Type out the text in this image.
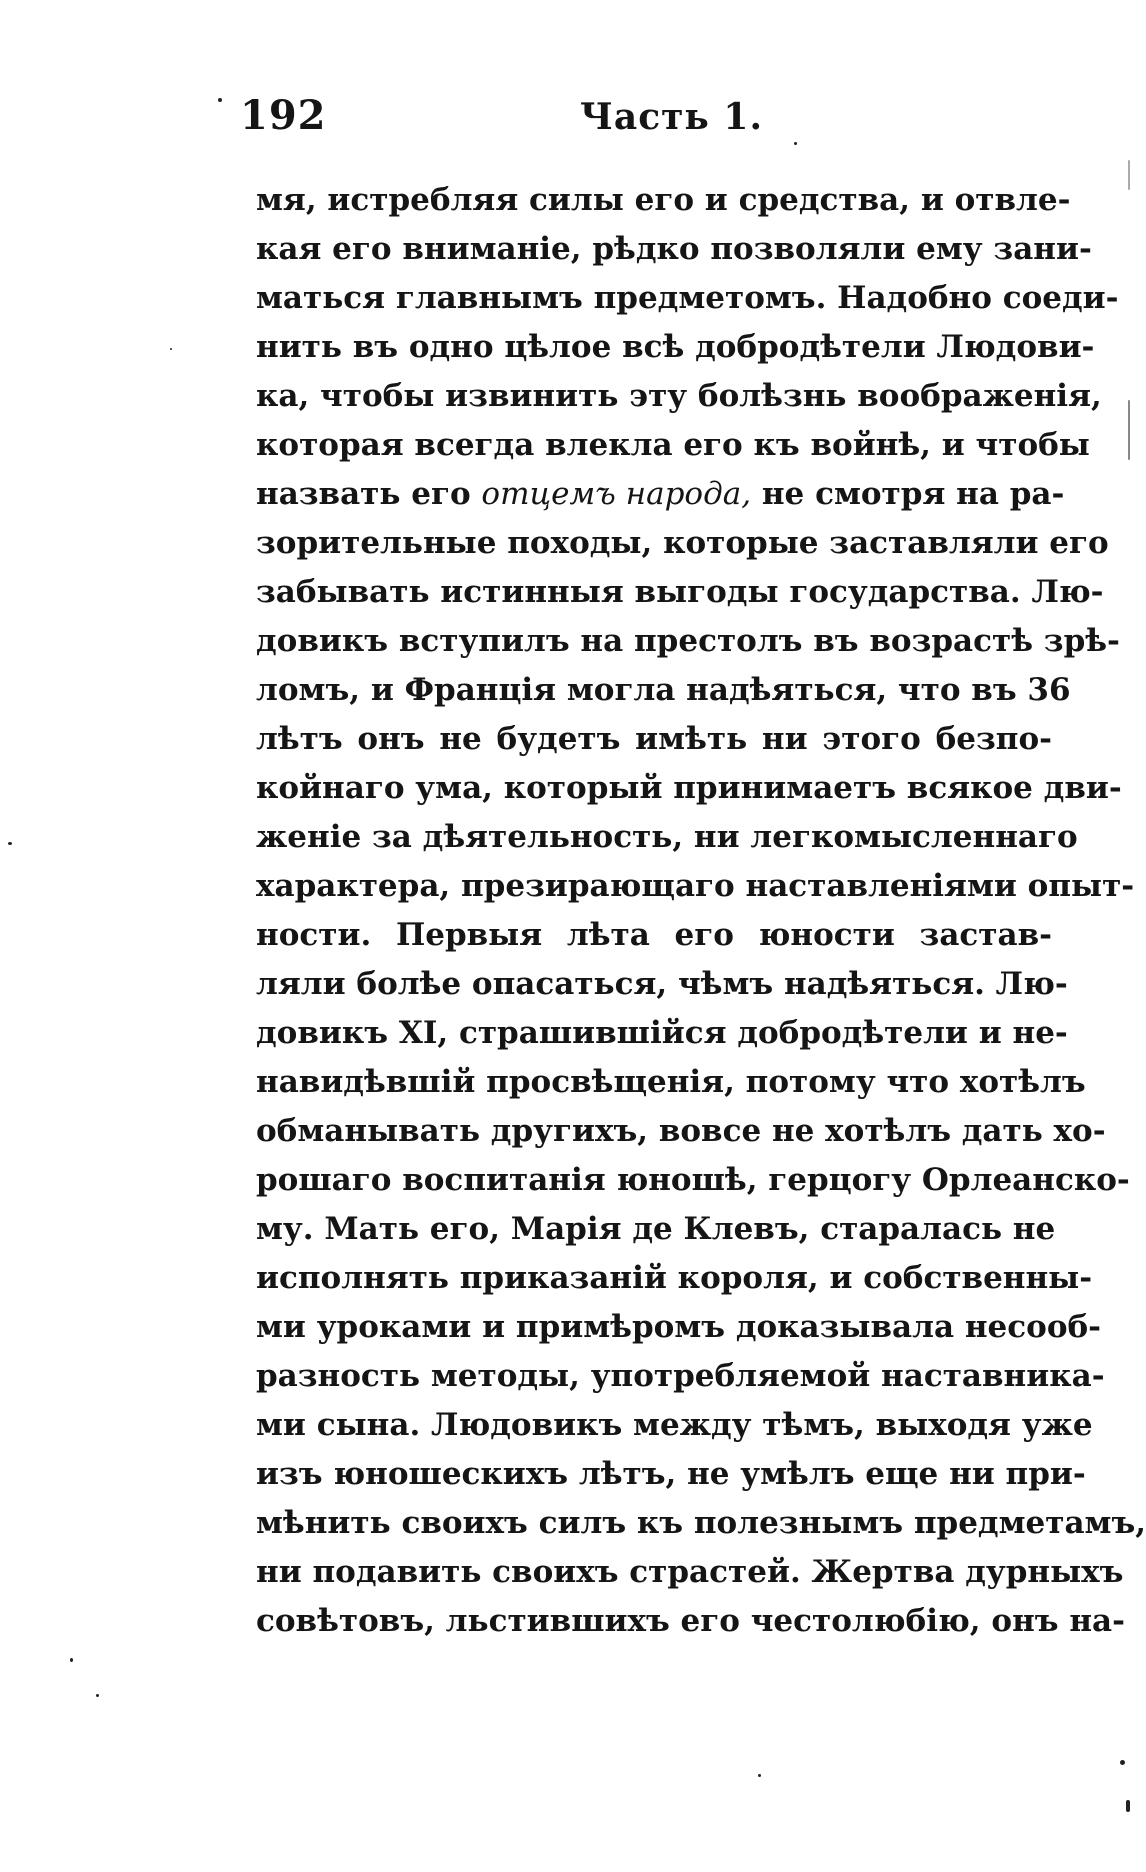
192	Часть 1.
мя, истребляя силы его и средства, и отвле-
кая его вниманіе, рѣдко позволяли ему зани-
маться главнымъ предметомъ. Надобно соеди-
нить въ одно цѣлое всѣ добродѣтели Людови-
ка, чтобы извинить эту болѣзнь воображенія,
которая всегда влекла его къ войнѣ, и чтобы
назвать его отцемъ народа, не смотря на ра-
зорительные походы, которые заставляли его
забывать истинныя выгоды государства. Лю-
довикъ вступилъ на престолъ въ возрастѣ зрѣ-
ломъ, и Франція могла надѣяться, что въ 36
лѣтъ онъ не будетъ имѣть ни этого безпо-
койнаго ума, который принимаетъ всякое дви-
женіе за дѣятельность, ни легкомысленнаго
характера, презирающаго наставленіями опыт-
ности. Первыя лѣта его юности застав-
ляли болѣе опасаться, чѣмъ надѣяться. Лю-
довикъ XI, страшившійся добродѣтели и не-
навидѣвшій просвѣщенія, потому что хотѣлъ
обманывать другихъ, вовсе не хотѣлъ дать хо-
рошаго воспитанія юношѣ, герцогу Орлеанско-
му. Мать его, Марія де Клевъ, старалась не
исполнять приказаній короля, и собственны-
ми уроками и примѣромъ доказывала несооб-
разность методы, употребляемой наставника-
ми сына. Людовикъ между тѣмъ, выходя уже
изъ юношескихъ лѣтъ, не умѣлъ еще ни при-
мѣнить своихъ силъ къ полезнымъ предметамъ,
ни подавить своихъ страстей. Жертва дурныхъ
совѣтовъ, льстившихъ его честолюбію, онъ на-
